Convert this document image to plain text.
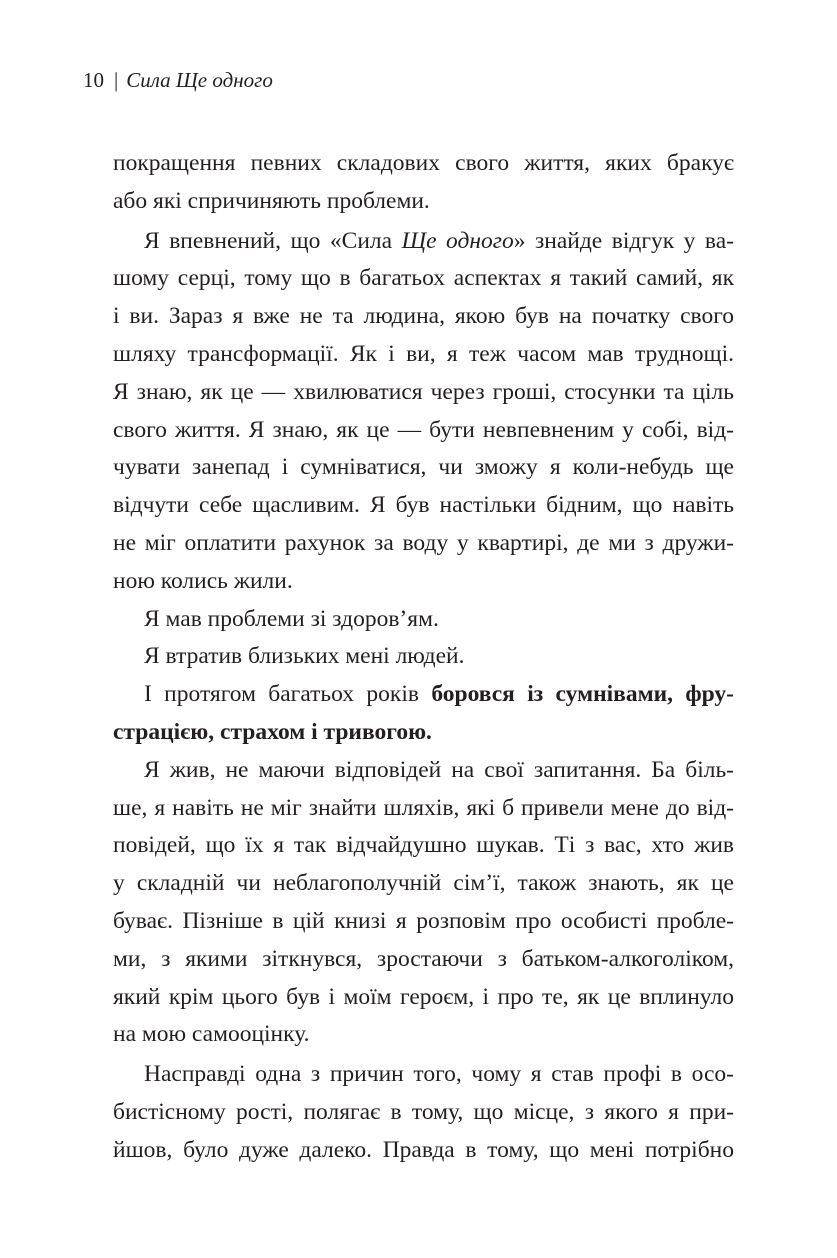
10 | Сила Ще одного
покращення певних складових свого життя, яких бракує
або які спричиняють проблеми.
Я впевнений, що «Сила Ще одного» знайде відгук у ва-
шому серці, тому що в багатьох аспектах я такий самий, як
і ви. Зараз я вже не та людина, якою був на початку свого
шляху трансформації. Як і ви, я теж часом мав труднощі.
Я знаю, як це — хвилюватися через гроші, стосунки та ціль
свого життя. Я знаю, як це — бути невпевненим у собі, від-
чувати занепад і сумніватися, чи зможу я коли-небудь ще
відчути себе щасливим. Я був настільки бідним, що навіть
не міг оплатити рахунок за воду у квартирі, де ми з дружи-
ною колись жили.
Я мав проблеми зі здоров’ям.
Я втратив близьких мені людей.
І протягом багатьох років боровся із сумнівами, фру-
страцією, страхом і тривогою.
Я жив, не маючи відповідей на свої запитання. Ба біль-
ше, я навіть не міг знайти шляхів, які б привели мене до від-
повідей, що їх я так відчайдушно шукав. Ті з вас, хто жив
у складній чи неблагополучній сім’ї, також знають, як це
буває. Пізніше в цій книзі я розповім про особисті пробле-
ми, з якими зіткнувся, зростаючи з батьком-алкоголіком,
який крім цього був і моїм героєм, і про те, як це вплинуло
на мою самооцінку.
Насправді одна з причин того, чому я став профі в осо-
бистісному рості, полягає в тому, що місце, з якого я при-
йшов, було дуже далеко. Правда в тому, що мені потрібно
